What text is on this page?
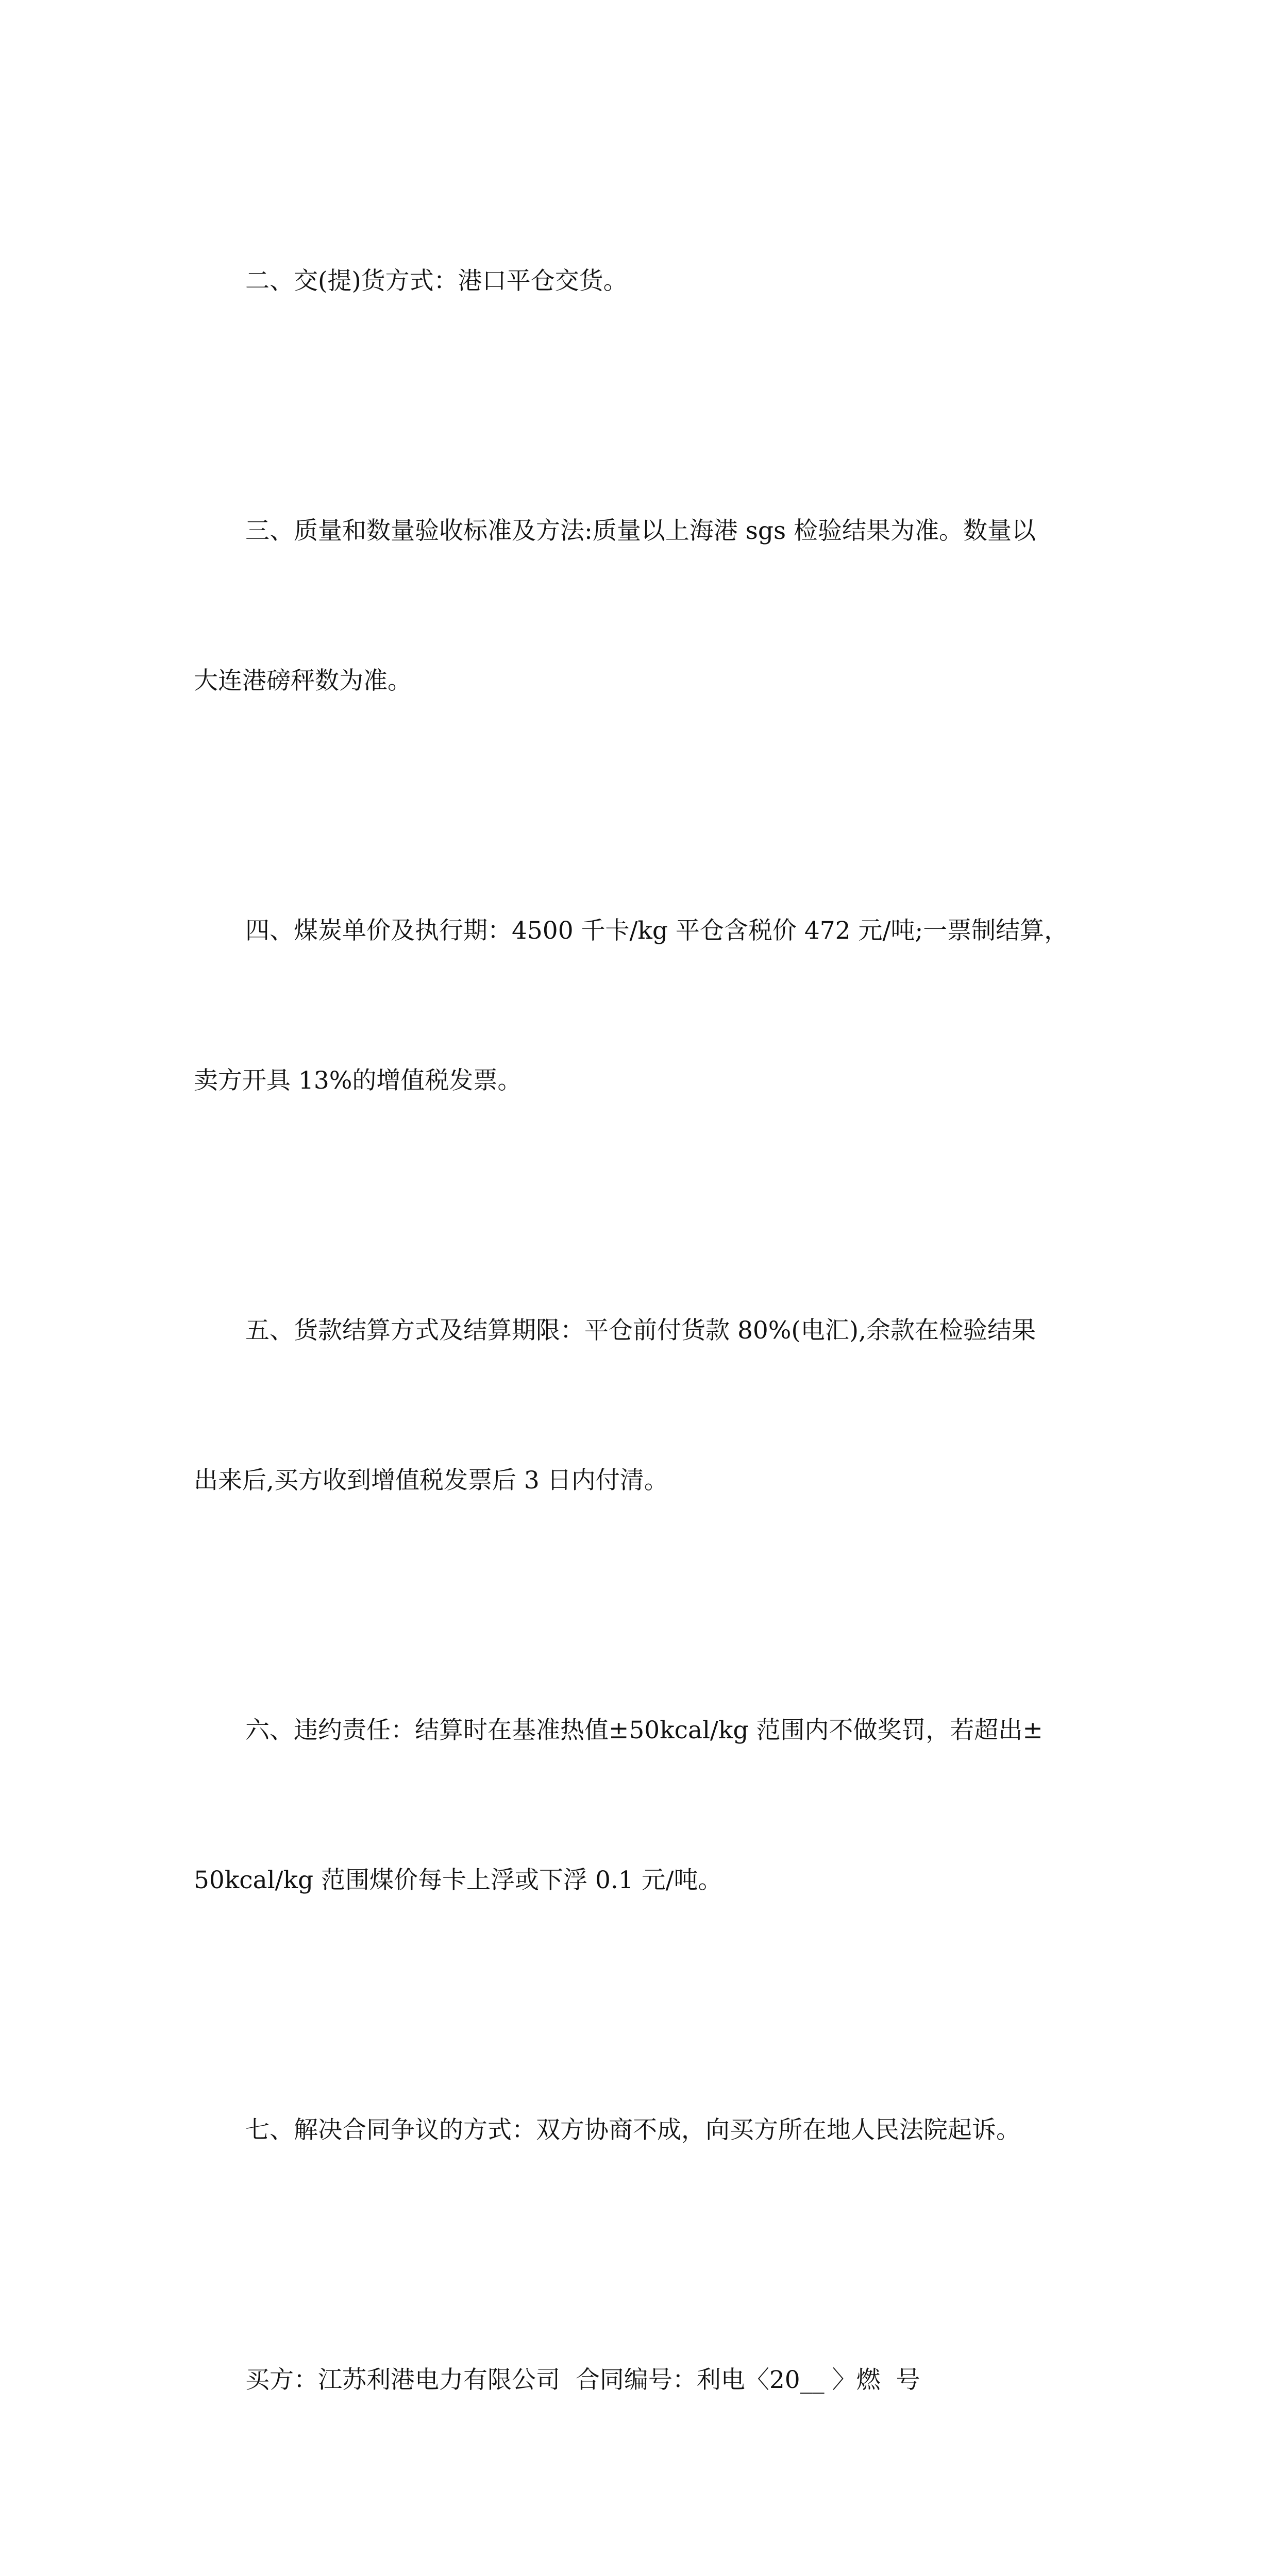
二、交(提)货方式：港口平仓交货。

三、质量和数量验收标准及方法:质量以上海港 sgs 检验结果为准。数量以

大连港磅秤数为准。

四、煤炭单价及执行期：4500 千卡/kg 平仓含税价 472 元/吨;一票制结算，

卖方开具 13%的增值税发票。

五、货款结算方式及结算期限：平仓前付货款 80%(电汇),余款在检验结果

出来后,买方收到增值税发票后 3 日内付清。

六、违约责任：结算时在基准热值±50kcal/kg 范围内不做奖罚，若超出±

50kcal/kg 范围煤价每卡上浮或下浮 0.1 元/吨。

七、解决合同争议的方式：双方协商不成，向买方所在地人民法院起诉。

买方：江苏利港电力有限公司  合同编号：利电〈20__ 〉燃  号
